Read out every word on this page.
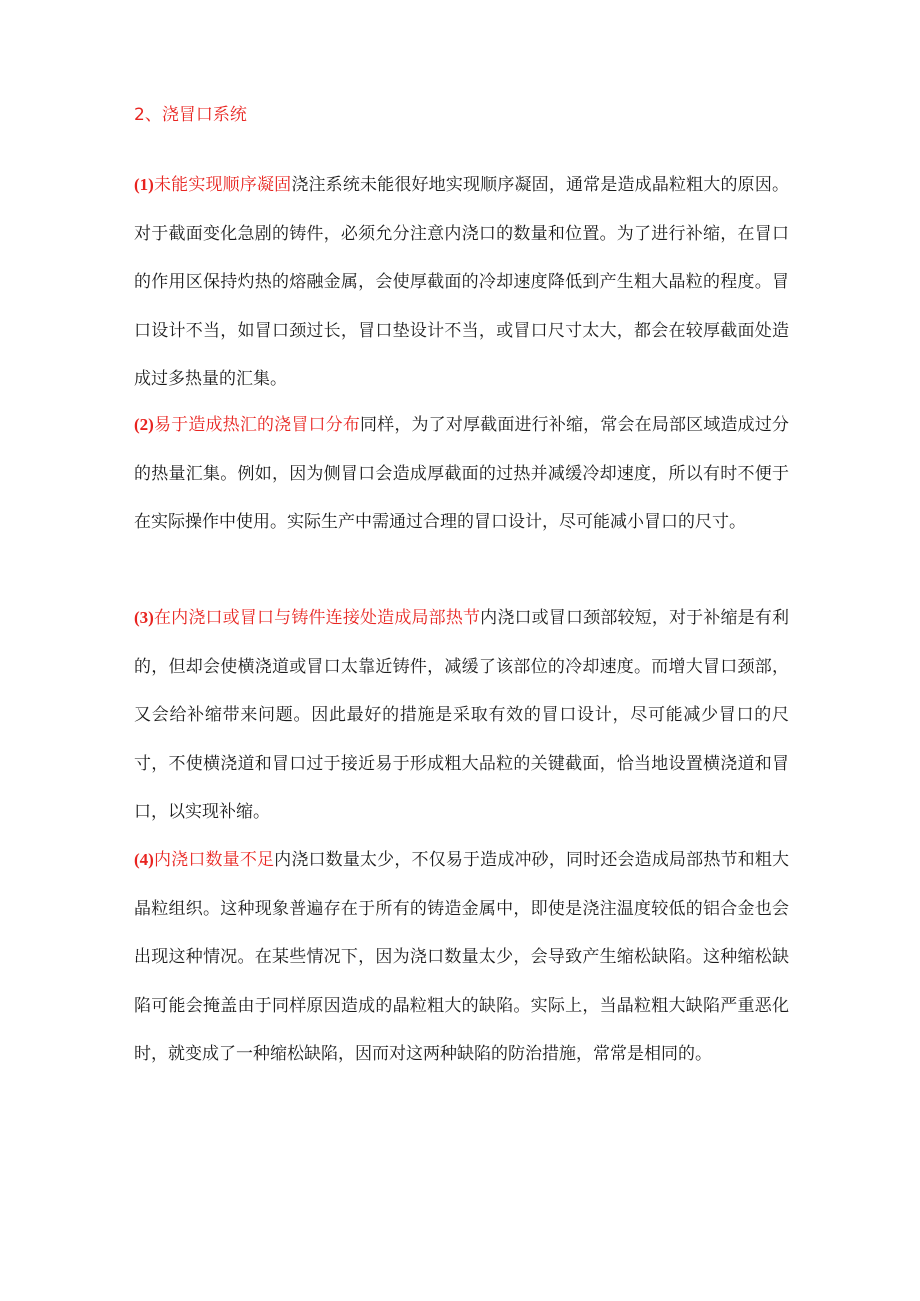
2、浇冒口系统

(1)未能实现顺序凝固浇注系统未能很好地实现顺序凝固，通常是造成晶粒粗大的原因。对于截面变化急剧的铸件，必须允分注意内浇口的数量和位置。为了进行补缩，在冒口的作用区保持灼热的熔融金属，会使厚截面的冷却速度降低到产生粗大晶粒的程度。冒口设计不当，如冒口颈过长，冒口垫设计不当，或冒口尺寸太大，都会在较厚截面处造成过多热量的汇集。

(2)易于造成热汇的浇冒口分布同样，为了对厚截面进行补缩，常会在局部区域造成过分的热量汇集。例如，因为侧冒口会造成厚截面的过热并减缓冷却速度，所以有时不便于在实际操作中使用。实际生产中需通过合理的冒口设计，尽可能减小冒口的尺寸。

(3)在内浇口或冒口与铸件连接处造成局部热节内浇口或冒口颈部较短，对于补缩是有利的，但却会使横浇道或冒口太靠近铸件，减缓了该部位的冷却速度。而增大冒口颈部，又会给补缩带来问题。因此最好的措施是采取有效的冒口设计，尽可能减少冒口的尺寸，不使横浇道和冒口过于接近易于形成粗大品粒的关键截面，恰当地设置横浇道和冒口，以实现补缩。

(4)内浇口数量不足内浇口数量太少，不仅易于造成冲砂，同时还会造成局部热节和粗大晶粒组织。这种现象普遍存在于所有的铸造金属中，即使是浇注温度较低的铝合金也会出现这种情况。在某些情况下，因为浇口数量太少，会导致产生缩松缺陷。这种缩松缺陷可能会掩盖由于同样原因造成的晶粒粗大的缺陷。实际上，当晶粒粗大缺陷严重恶化时，就变成了一种缩松缺陷，因而对这两种缺陷的防治措施，常常是相同的。
